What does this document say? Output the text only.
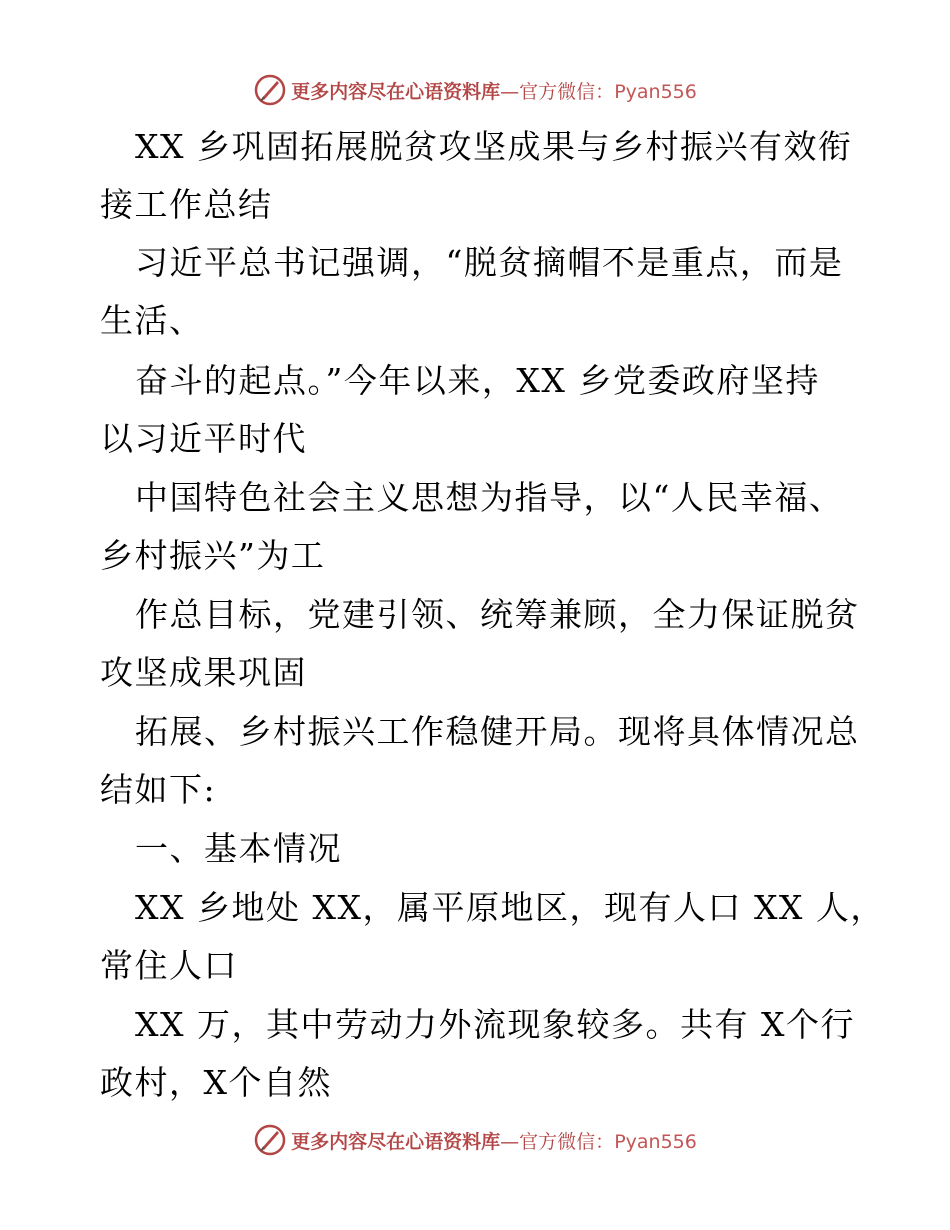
更多内容尽在心语资料库—官方微信：Pyan556
XX 乡巩固拓展脱贫攻坚成果与乡村振兴有效衔
接工作总结
习近平总书记强调，“脱贫摘帽不是重点，而是
生活、
奋斗的起点。”今年以来，XX 乡党委政府坚持
以习近平时代
中国特色社会主义思想为指导，以“人民幸福、
乡村振兴”为工
作总目标，党建引领、统筹兼顾，全力保证脱贫
攻坚成果巩固
拓展、乡村振兴工作稳健开局。现将具体情况总
结如下:
一、基本情况
XX 乡地处 XX，属平原地区，现有人口 XX 人，
常住人口
XX 万，其中劳动力外流现象较多。共有 X个行
政村，X个自然
更多内容尽在心语资料库—官方微信：Pyan556
